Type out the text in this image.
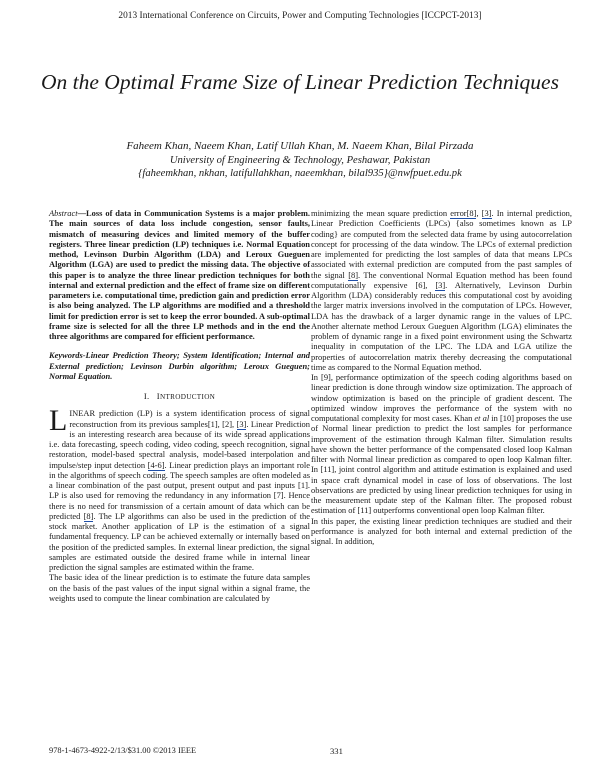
2013 International Conference on Circuits, Power and Computing Technologies [ICCPCT-2013]
On the Optimal Frame Size of Linear Prediction Techniques
Faheem Khan, Naeem Khan, Latif Ullah Khan, M. Naeem Khan, Bilal Pirzada
University of Engineering & Technology, Peshawar, Pakistan
{faheemkhan, nkhan, latifullahkhan, naeemkhan, bilal935}@nwfpuet.edu.pk

Abstract—Loss of data in Communication Systems is a major problem. The main sources of data loss include congestion, sensor faults, mismatch of measuring devices and limited memory of the buffer registers. Three linear prediction (LP) techniques i.e. Normal Equation method, Levinson Durbin Algorithm (LDA) and Leroux Gueguen Algorithm (LGA) are used to predict the missing data. The objective of this paper is to analyze the three linear prediction techniques for both internal and external prediction and the effect of frame size on different parameters i.e. computational time, prediction gain and prediction error is also being analyzed. The LP algorithms are modified and a threshold limit for prediction error is set to keep the error bounded. A sub-optimal frame size is selected for all the three LP methods and in the end the three algorithms are compared for efficient performance.

Keywords-Linear Prediction Theory; System Identification; Internal and External prediction; Levinson Durbin algorithm; Leroux Gueguen; Normal Equation.

I. INTRODUCTION

LINEAR prediction (LP) is a system identification process of signal reconstruction from its previous samples[1], [2], [3]. Linear Prediction is an interesting research area because of its wide spread applications i.e. data forecasting, speech coding, video coding, speech recognition, signal restoration, model-based spectral analysis, model-based interpolation and impulse/step input detection [4-6]. Linear prediction plays an important role in the algorithms of speech coding. The speech samples are often modeled as a linear combination of the past output, present output and past inputs [1]. LP is also used for removing the redundancy in any information [7]. Hence there is no need for transmission of a certain amount of data which can be predicted [8]. The LP algorithms can also be used in the prediction of the stock market. Another application of LP is the estimation of a signal fundamental frequency. LP can be achieved externally or internally based on the position of the predicted samples. In external linear prediction, the signal samples are estimated outside the desired frame while in internal linear prediction the signal samples are estimated within the frame.

The basic idea of the linear prediction is to estimate the future data samples on the basis of the past values of the input signal within a signal frame, the weights used to compute the linear combination are calculated by

minimizing the mean square prediction error[8], [3]. In internal prediction, Linear Prediction Coefficients (LPCs) {also sometimes known as LP coding} are computed from the selected data frame by using autocorrelation concept for processing of the data window. The LPCs of external prediction are implemented for predicting the lost samples of data that means LPCs associated with external prediction are computed from the past samples of the signal [8]. The conventional Normal Equation method has been found computationally expensive [6], [3]. Alternatively, Levinson Durbin Algorithm (LDA) considerably reduces this computational cost by avoiding the larger matrix inversions involved in the computation of LPCs. However, LDA has the drawback of a larger dynamic range in the values of LPC. Another alternate method Leroux Gueguen Algorithm (LGA) eliminates the problem of dynamic range in a fixed point environment using the Schwartz inequality in computation of the LPC. The LDA and LGA utilize the properties of autocorrelation matrix thereby decreasing the computational time as compared to the Normal Equation method.

In [9], performance optimization of the speech coding algorithms based on linear prediction is done through window size optimization. The approach of window optimization is based on the principle of gradient descent. The optimized window improves the performance of the system with no computational complexity for most cases. Khan et al in [10] proposes the use of Normal linear prediction to predict the lost samples for performance improvement of the estimation through Kalman filter. Simulation results have shown the better performance of the compensated closed loop Kalman filter with Normal linear prediction as compared to open loop Kalman filter. In [11], joint control algorithm and attitude estimation is explained and used in space craft dynamical model in case of loss of observations. The lost observations are predicted by using linear prediction techniques for using in the measurement update step of the Kalman filter. The proposed robust estimation of [11] outperforms conventional open loop Kalman filter.

In this paper, the existing linear prediction techniques are studied and their performance is analyzed for both internal and external prediction of the signal. In addition,

978-1-4673-4922-2/13/$31.00 ©2013 IEEE	331
